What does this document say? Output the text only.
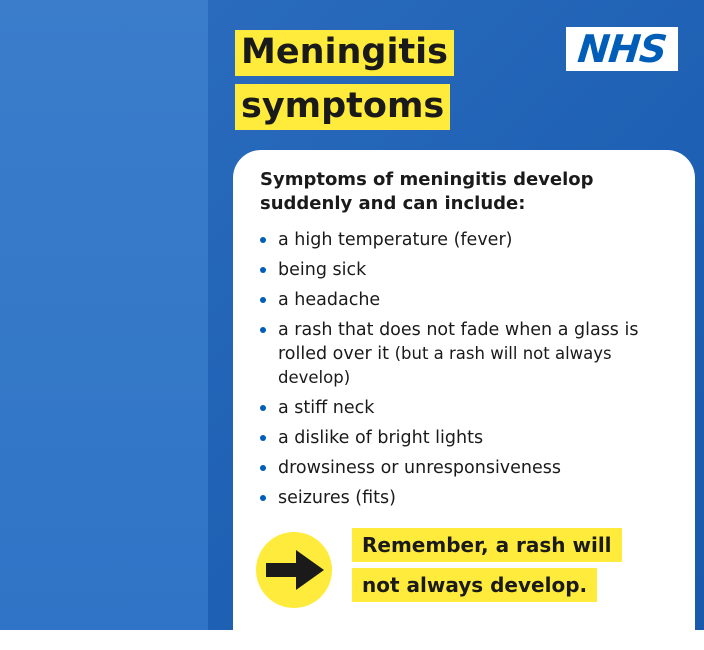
Meningitis
symptoms
NHS

Symptoms of meningitis develop suddenly and can include:

a high temperature (fever)
being sick
a headache
a rash that does not fade when a glass is rolled over it (but a rash will not always develop)
a stiff neck
a dislike of bright lights
drowsiness or unresponsiveness
seizures (fits)
Remember, a rash will
not always develop.
